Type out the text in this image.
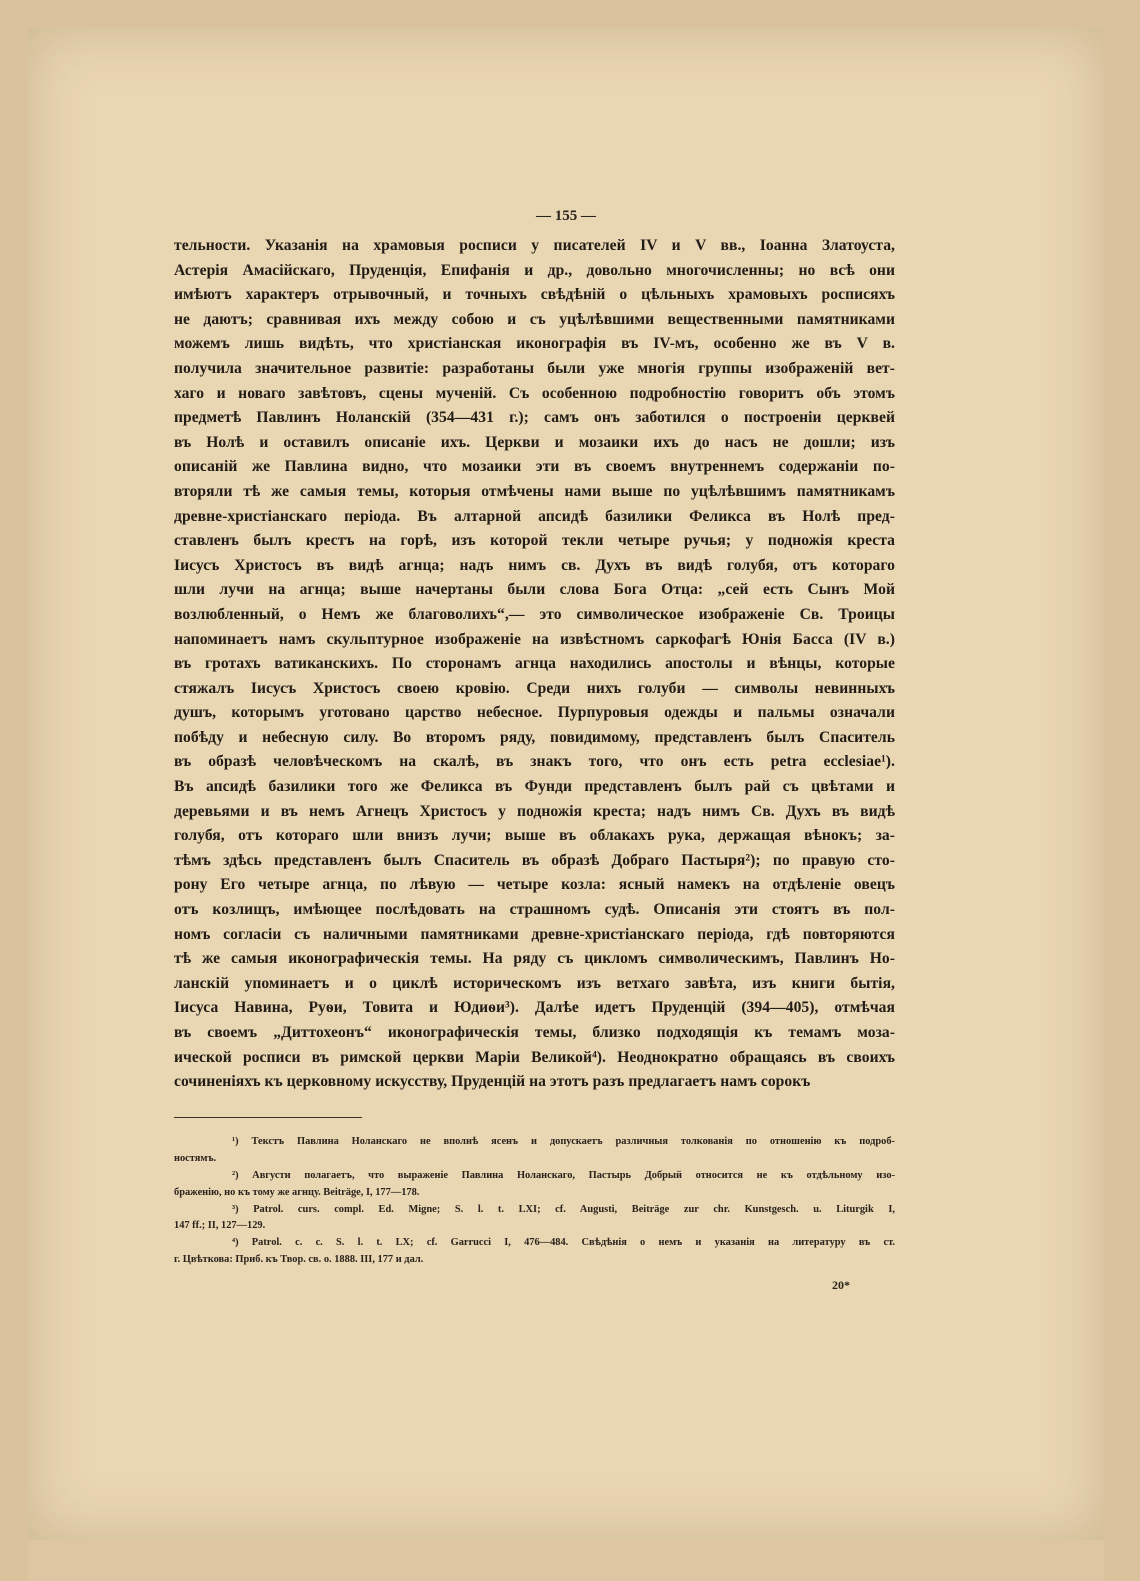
— 155 —
тельности. Указанія на храмовыя росписи у писателей IV и V вв., Іоанна Златоуста,
Астерія Амасійскаго, Пруденція, Епифанія и др., довольно многочисленны; но всѣ они
имѣютъ характеръ отрывочный, и точныхъ свѣдѣній о цѣльныхъ храмовыхъ росписяхъ
не даютъ; сравнивая ихъ между собою и съ уцѣлѣвшими вещественными памятниками
можемъ лишь видѣть, что христіанская иконографія въ IV-мъ, особенно же въ V в.
получила значительное развитіе: разработаны были уже многія группы изображеній вет-
хаго и новаго завѣтовъ, сцены мученій. Съ особенною подробностію говоритъ объ этомъ
предметѣ Павлинъ Ноланскій (354—431 г.); самъ онъ заботился о построеніи церквей
въ Нолѣ и оставилъ описаніе ихъ. Церкви и мозаики ихъ до насъ не дошли; изъ
описаній же Павлина видно, что мозаики эти въ своемъ внутреннемъ содержаніи по-
вторяли тѣ же самыя темы, которыя отмѣчены нами выше по уцѣлѣвшимъ памятникамъ
древне-христіанскаго періода. Въ алтарной апсидѣ базилики Феликса въ Нолѣ пред-
ставленъ былъ крестъ на горѣ, изъ которой текли четыре ручья; у подножія креста
Іисусъ Христосъ въ видѣ агнца; надъ нимъ св. Духъ въ видѣ голубя, отъ котораго
шли лучи на агнца; выше начертаны были слова Бога Отца: „сей есть Сынъ Мой
возлюбленный, о Немъ же благоволихъ“,— это символическое изображеніе Св. Троицы
напоминаетъ намъ скульптурное изображеніе на извѣстномъ саркофагѣ Юнія Басса (IV в.)
въ гротахъ ватиканскихъ. По сторонамъ агнца находились апостолы и вѣнцы, которые
стяжалъ Іисусъ Христосъ своею кровію. Среди нихъ голуби — символы невинныхъ
душъ, которымъ уготовано царство небесное. Пурпуровыя одежды и пальмы означали
побѣду и небесную силу. Во второмъ ряду, повидимому, представленъ былъ Спаситель
въ образѣ человѣческомъ на скалѣ, въ знакъ того, что онъ есть petra ecclesiae¹).
Въ апсидѣ базилики того же Феликса въ Фунди представленъ былъ рай съ цвѣтами и
деревьями и въ немъ Агнецъ Христосъ у подножія креста; надъ нимъ Св. Духъ въ видѣ
голубя, отъ котораго шли внизъ лучи; выше въ облакахъ рука, держащая вѣнокъ; за-
тѣмъ здѣсь представленъ былъ Спаситель въ образѣ Добраго Пастыря²); по правую сто-
рону Его четыре агнца, по лѣвую — четыре козла: ясный намекъ на отдѣленіе овецъ
отъ козлищъ, имѣющее послѣдовать на страшномъ судѣ. Описанія эти стоятъ въ пол-
номъ согласіи съ наличными памятниками древне-христіанскаго періода, гдѣ повторяются
тѣ же самыя иконографическія темы. На ряду съ цикломъ символическимъ, Павлинъ Но-
ланскій упоминаетъ и о циклѣ историческомъ изъ ветхаго завѣта, изъ книги бытія,
Іисуса Навина, Руѳи, Товита и Юдиѳи³). Далѣе идетъ Пруденцій (394—405), отмѣчая
въ своемъ „Диттохеонъ“ иконографическія темы, близко подходящія къ темамъ моза-
ической росписи въ римской церкви Маріи Великой⁴). Неоднократно обращаясь въ своихъ
сочиненіяхъ къ церковному искусству, Пруденцій на этотъ разъ предлагаетъ намъ сорокъ
¹) Текстъ Павлина Ноланскаго не вполнѣ ясенъ и допускаетъ различныя толкованія по отношенію къ подроб-
ностямъ.
²) Августи полагаетъ, что выраженіе Павлина Ноланскаго, Пастырь Добрый относится не къ отдѣльному изо-
браженію, но къ тому же агнцу. Beiträge, I, 177—178.
³) Patrol. curs. compl. Ed. Migne; S. l. t. LXI; cf. Augusti, Beiträge zur chr. Kunstgesch. u. Liturgik I,
147 ff.; II, 127—129.
⁴) Patrol. c. c. S. l. t. LX; cf. Garrucci I, 476—484. Свѣдѣнія о немъ и указанія на литературу въ ст.
г. Цвѣткова: Приб. къ Твор. св. о. 1888. III, 177 и дал.
20*
